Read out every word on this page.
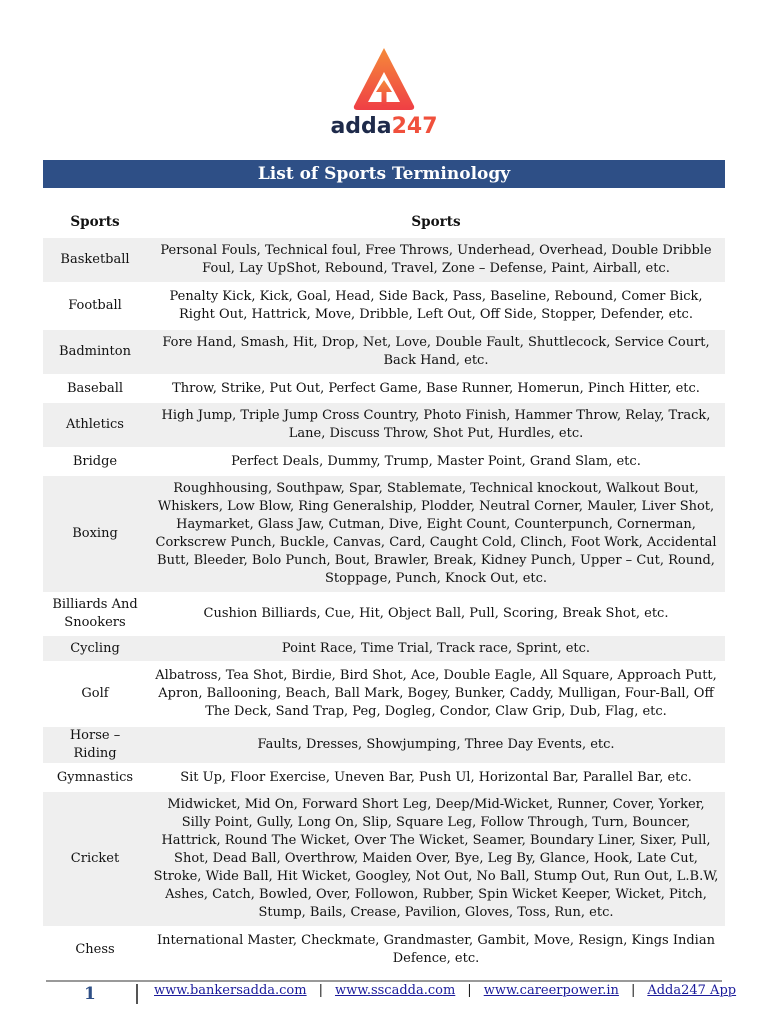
adda247
List of Sports Terminology
Sports	Sports
Basketball	Personal Fouls, Technical foul, Free Throws, Underhead, Overhead, Double Dribble Foul, Lay UpShot, Rebound, Travel, Zone – Defense, Paint, Airball, etc.
Football	Penalty Kick, Kick, Goal, Head, Side Back, Pass, Baseline, Rebound, Comer Bick, Right Out, Hattrick, Move, Dribble, Left Out, Off Side, Stopper, Defender, etc.
Badminton	Fore Hand, Smash, Hit, Drop, Net, Love, Double Fault, Shuttlecock, Service Court, Back Hand, etc.
Baseball	Throw, Strike, Put Out, Perfect Game, Base Runner, Homerun, Pinch Hitter, etc.
Athletics	High Jump, Triple Jump Cross Country, Photo Finish, Hammer Throw, Relay, Track, Lane, Discuss Throw, Shot Put, Hurdles, etc.
Bridge	Perfect Deals, Dummy, Trump, Master Point, Grand Slam, etc.
Boxing	Roughhousing, Southpaw, Spar, Stablemate, Technical knockout, Walkout Bout, Whiskers, Low Blow, Ring Generalship, Plodder, Neutral Corner, Mauler, Liver Shot, Haymarket, Glass Jaw, Cutman, Dive, Eight Count, Counterpunch, Cornerman, Corkscrew Punch, Buckle, Canvas, Card, Caught Cold, Clinch, Foot Work, Accidental Butt, Bleeder, Bolo Punch, Bout, Brawler, Break, Kidney Punch, Upper – Cut, Round, Stoppage, Punch, Knock Out, etc.
Billiards And Snookers	Cushion Billiards, Cue, Hit, Object Ball, Pull, Scoring, Break Shot, etc.
Cycling	Point Race, Time Trial, Track race, Sprint, etc.
Golf	Albatross, Tea Shot, Birdie, Bird Shot, Ace, Double Eagle, All Square, Approach Putt, Apron, Ballooning, Beach, Ball Mark, Bogey, Bunker, Caddy, Mulligan, Four-Ball, Off The Deck, Sand Trap, Peg, Dogleg, Condor, Claw Grip, Dub, Flag, etc.
Horse – Riding	Faults, Dresses, Showjumping, Three Day Events, etc.
Gymnastics	Sit Up, Floor Exercise, Uneven Bar, Push Ul, Horizontal Bar, Parallel Bar, etc.
Cricket	Midwicket, Mid On, Forward Short Leg, Deep/Mid-Wicket, Runner, Cover, Yorker, Silly Point, Gully, Long On, Slip, Square Leg, Follow Through, Turn, Bouncer, Hattrick, Round The Wicket, Over The Wicket, Seamer, Boundary Liner, Sixer, Pull, Shot, Dead Ball, Overthrow, Maiden Over, Bye, Leg By, Glance, Hook, Late Cut, Stroke, Wide Ball, Hit Wicket, Googley, Not Out, No Ball, Stump Out, Run Out, L.B.W, Ashes, Catch, Bowled, Over, Followon, Rubber, Spin Wicket Keeper, Wicket, Pitch, Stump, Bails, Crease, Pavilion, Gloves, Toss, Run, etc.
Chess	International Master, Checkmate, Grandmaster, Gambit, Move, Resign, Kings Indian Defence, etc.
1	www.bankersadda.com | www.sscadda.com | www.careerpower.in | Adda247 App
